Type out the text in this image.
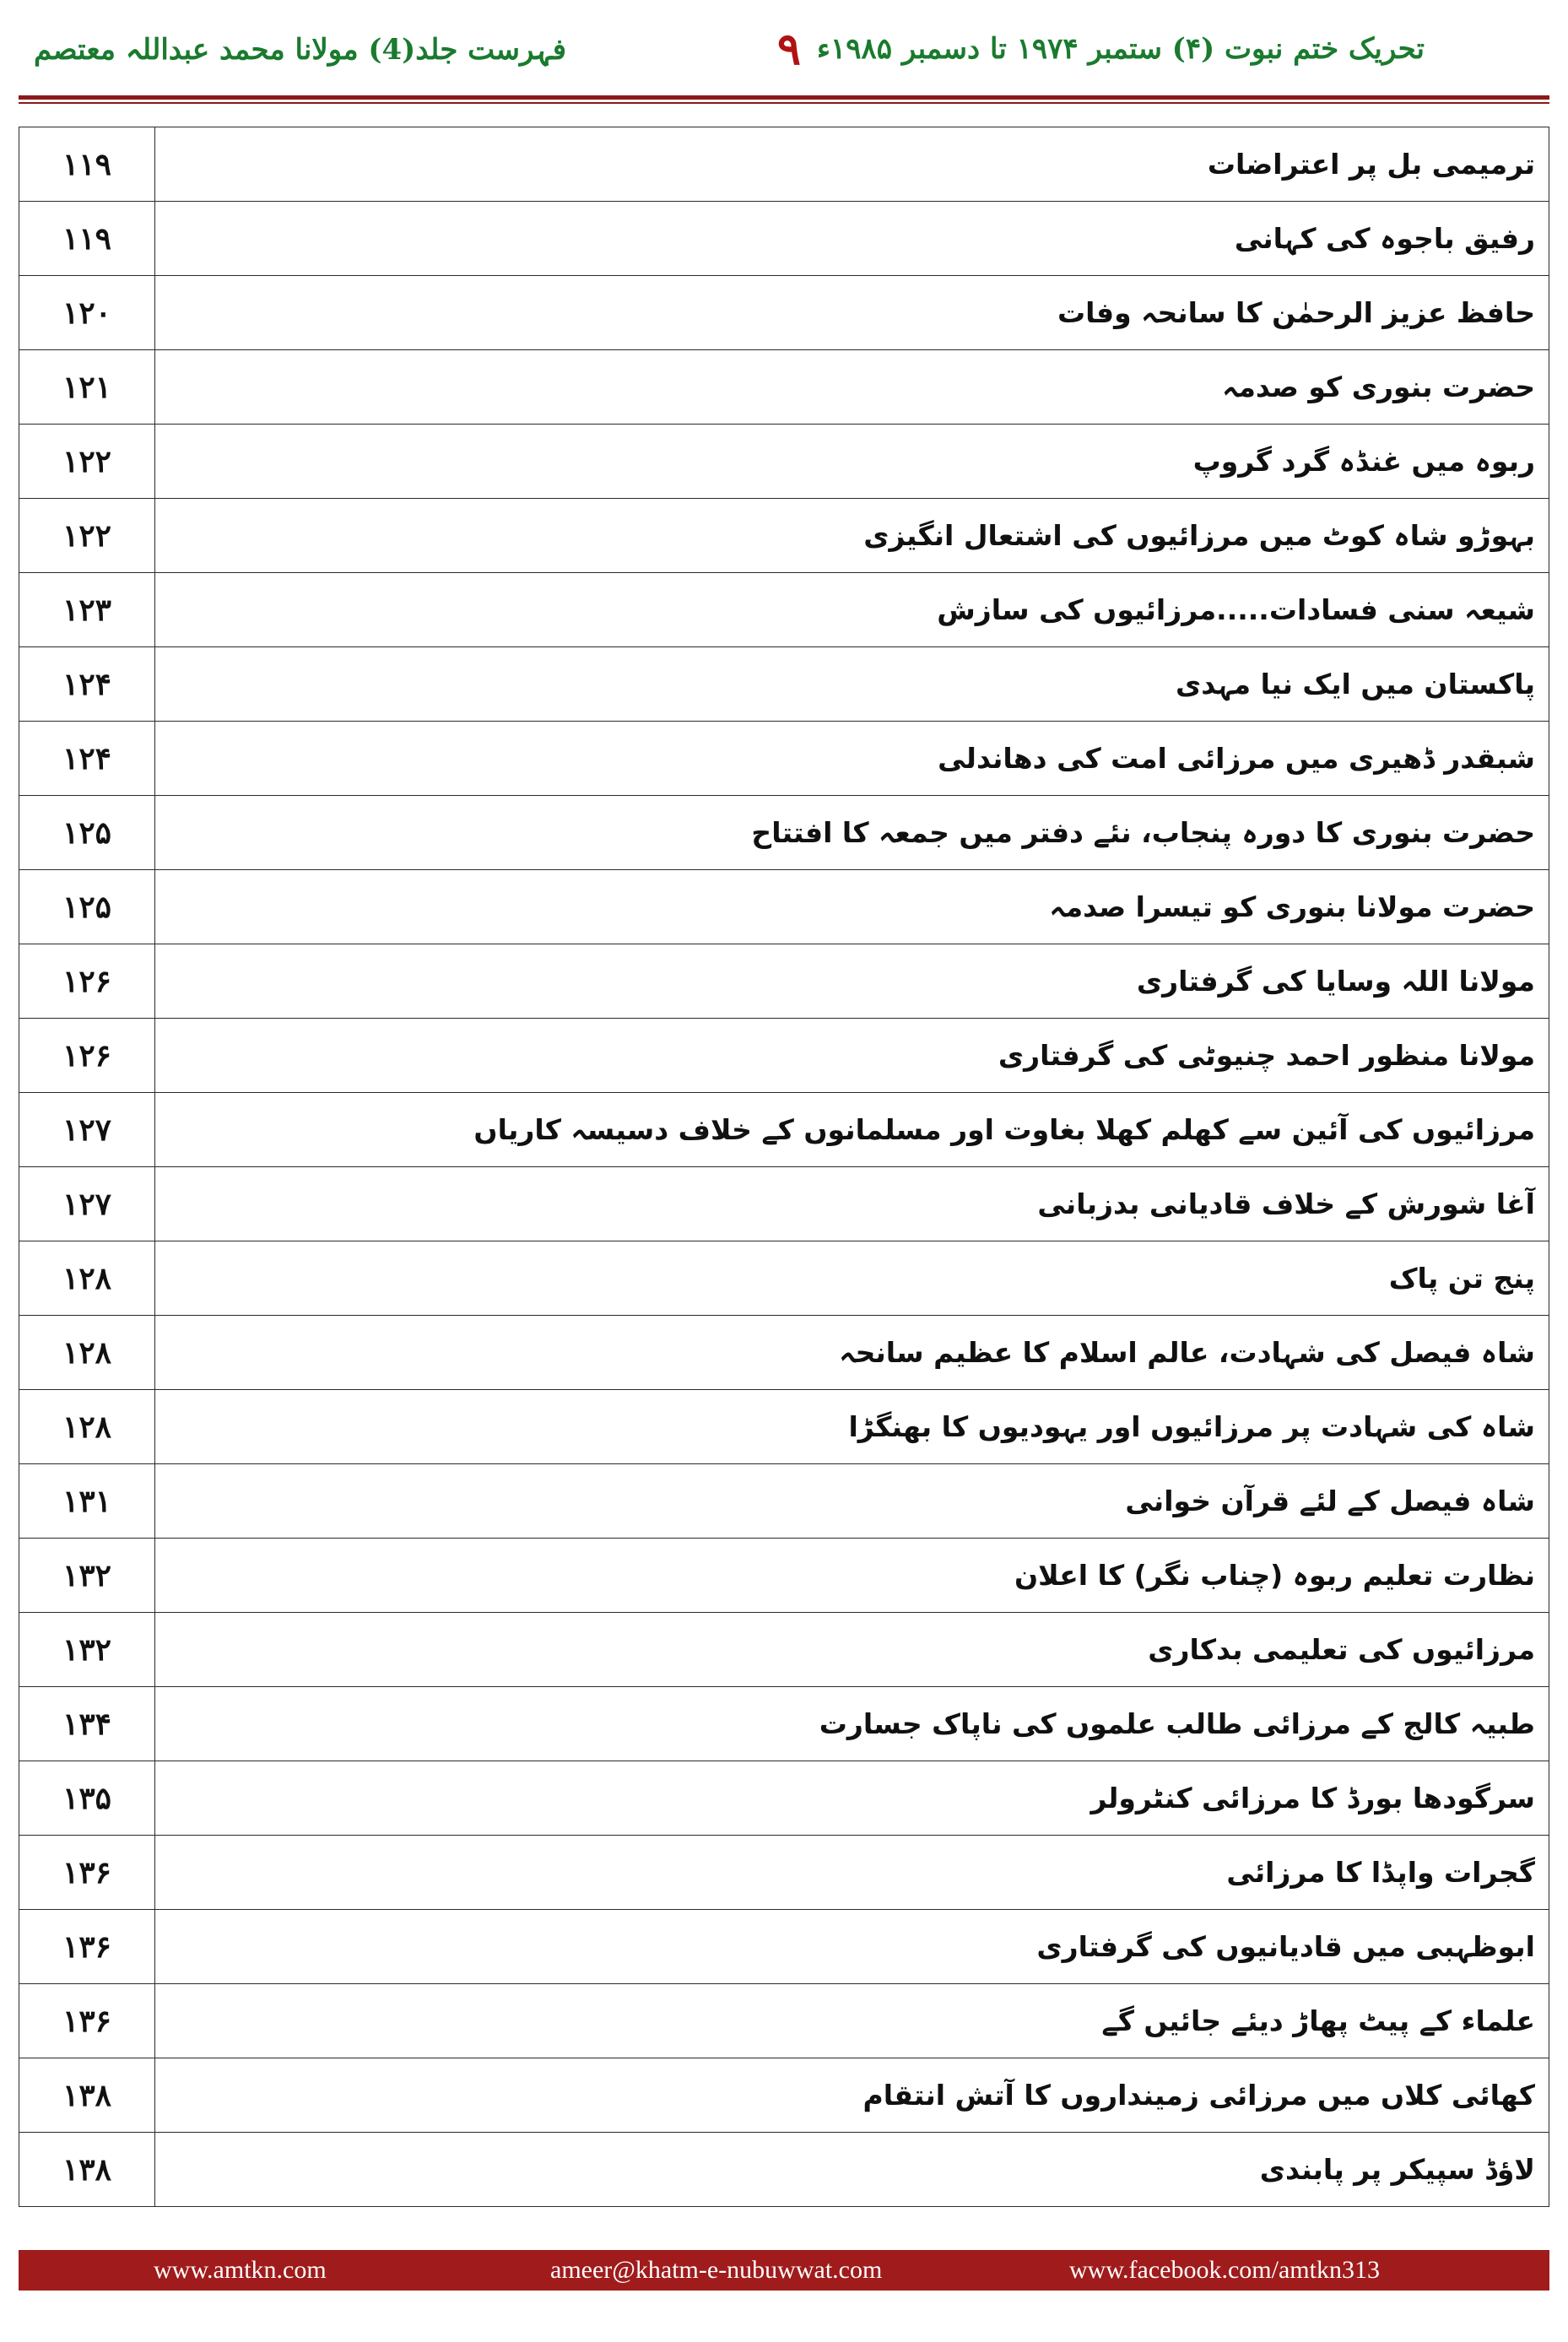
فہرست جلد(4) مولانا محمد عبداللہ معتصم	۹ تحریک ختم نبوت (۴) ستمبر ۱۹۷۴ تا دسمبر ۱۹۸۵ء
۱۱۹	ترمیمی بل پر اعتراضات
۱۱۹	رفیق باجوہ کی کہانی
۱۲۰	حافظ عزیز الرحمٰن کا سانحہ وفات
۱۲۱	حضرت بنوری کو صدمہ
۱۲۲	ربوہ میں غنڈہ گرد گروپ
۱۲۲	بہوڑو شاہ کوٹ میں مرزائیوں کی اشتعال انگیزی
۱۲۳	شیعہ سنی فسادات.....مرزائیوں کی سازش
۱۲۴	پاکستان میں ایک نیا مہدی
۱۲۴	شبقدر ڈھیری میں مرزائی امت کی دھاندلی
۱۲۵	حضرت بنوری کا دورہ پنجاب، نئے دفتر میں جمعہ کا افتتاح
۱۲۵	حضرت مولانا بنوری کو تیسرا صدمہ
۱۲۶	مولانا اللہ وسایا کی گرفتاری
۱۲۶	مولانا منظور احمد چنیوٹی کی گرفتاری
۱۲۷	مرزائیوں کی آئین سے کھلم کھلا بغاوت اور مسلمانوں کے خلاف دسیسہ کاریاں
۱۲۷	آغا شورش کے خلاف قادیانی بدزبانی
۱۲۸	پنج تن پاک
۱۲۸	شاہ فیصل کی شہادت، عالم اسلام کا عظیم سانحہ
۱۲۸	شاہ کی شہادت پر مرزائیوں اور یہودیوں کا بھنگڑا
۱۳۱	شاہ فیصل کے لئے قرآن خوانی
۱۳۲	نظارت تعلیم ربوہ (چناب نگر) کا اعلان
۱۳۲	مرزائیوں کی تعلیمی بدکاری
۱۳۴	طبیہ کالج کے مرزائی طالب علموں کی ناپاک جسارت
۱۳۵	سرگودھا بورڈ کا مرزائی کنٹرولر
۱۳۶	گجرات واپڈا کا مرزائی
۱۳۶	ابوظہبی میں قادیانیوں کی گرفتاری
۱۳۶	علماء کے پیٹ پھاڑ دیئے جائیں گے
۱۳۸	کھائی کلاں میں مرزائی زمینداروں کا آتش انتقام
۱۳۸	لاؤڈ سپیکر پر پابندی
www.amtkn.com	ameer@khatm-e-nubuwwat.com	www.facebook.com/amtkn313
